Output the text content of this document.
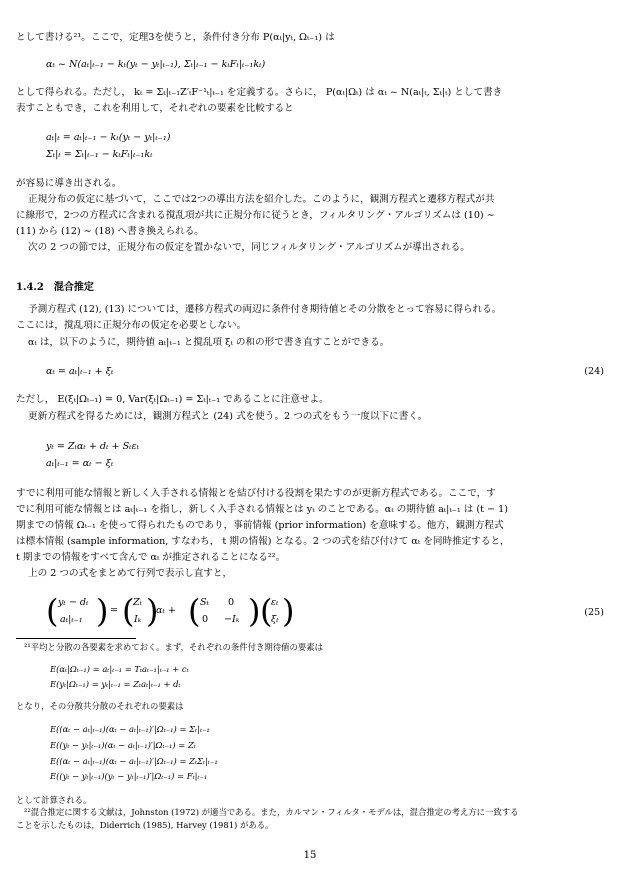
として書ける²¹。ここで，定理3を使うと，条件付き分布 P(αₜ|yₜ, Ωₜ₋₁) は
αₜ ~ N(aₜ|ₜ₋₁ − kₜ(yₜ − yₜ|ₜ₋₁), Σₜ|ₜ₋₁ − kₜFₜ|ₜ₋₁kₜ)
として得られる。ただし， kₜ = Σₜ|ₜ₋₁Z′ₜF⁻¹ₜ|ₜ₋₁ を定義する。さらに， P(αₜ|Ωₜ) は αₜ ~ N(aₜ|ₜ, Σₜ|ₜ) として書き
表すこともでき，これを利用して，それぞれの要素を比較すると
aₜ|ₜ = aₜ|ₜ₋₁ − kₜ(yₜ − yₜ|ₜ₋₁)
Σₜ|ₜ = Σₜ|ₜ₋₁ − kₜFₜ|ₜ₋₁kₜ
が容易に導き出される。
正規分布の仮定に基づいて，ここでは2つの導出方法を紹介した。このように，観測方程式と遷移方程式が共
に線形で，2つの方程式に含まれる撹乱項が共に正規分布に従うとき，フィルタリング・アルゴリズムは (10) ∼
(11) から (12) ∼ (18) へ書き換えられる。
次の 2 つの節では，正規分布の仮定を置かないで，同じフィルタリング・アルゴリズムが導出される。
1.4.2　混合推定
予測方程式 (12), (13) については，遷移方程式の両辺に条件付き期待値とその分散をとって容易に得られる。
ここには，撹乱項に正規分布の仮定を必要としない。
αₜ は，以下のように，期待値 aₜ|ₜ₋₁ と撹乱項 ξₜ の和の形で書き直すことができる。
αₜ = aₜ|ₜ₋₁ + ξₜ	(24)
ただし， E(ξₜ|Ωₜ₋₁) = 0, Var(ξₜ|Ωₜ₋₁) = Σₜ|ₜ₋₁ であることに注意せよ。
更新方程式を得るためには，観測方程式と (24) 式を使う。2 つの式をもう一度以下に書く。
yₜ = Zₜαₜ + dₜ + Sₜεₜ
aₜ|ₜ₋₁ = αₜ − ξₜ
すでに利用可能な情報と新しく入手される情報とを結び付ける役割を果たすのが更新方程式である。ここで，す
でに利用可能な情報とは aₜ|ₜ₋₁ を指し，新しく入手される情報とは yₜ のことである。αₜ の期待値 aₜ|ₜ₋₁ は (t − 1)
期までの情報 Ωₜ₋₁ を使って得られたものであり，事前情報 (prior information) を意味する。他方，観測方程式
は標本情報 (sample information, すなわち， t 期の情報) となる。2 つの式を結び付けて αₜ を同時推定すると，
t 期までの情報をすべて含んで αₜ が推定されることになる²²。
上の 2 つの式をまとめて行列で表示し直すと，
( yₜ − dₜ
aₜ|ₜ₋₁ ) = (
Zₜ
Iₖ )
αₜ + ( Sₜ 0
0 −Iₖ ) (
εₜ
ξₜ )	(25)
²¹平均と分散の各要素を求めておく。まず，それぞれの条件付き期待値の要素は
E(αₜ|Ωₜ₋₁) = aₜ|ₜ₋₁ = Tₜaₜ₋₁|ₜ₋₁ + cₜ
E(yₜ|Ωₜ₋₁) = yₜ|ₜ₋₁ = Zₜaₜ|ₜ₋₁ + dₜ
となり，その分散共分散のそれぞれの要素は
E((αₜ − aₜ|ₜ₋₁)(αₜ − aₜ|ₜ₋₁)′|Ωₜ₋₁) = Σₜ|ₜ₋₁
E((yₜ − yₜ|ₜ₋₁)(αₜ − aₜ|ₜ₋₁)′|Ωₜ₋₁) = Zₜ
E((αₜ − aₜ|ₜ₋₁)(αₜ − aₜ|ₜ₋₁)′|Ωₜ₋₁) = ZₜΣₜ|ₜ₋₁
E((yₜ − yₜ|ₜ₋₁)(yₜ − yₜ|ₜ₋₁)′|Ωₜ₋₁) = Fₜ|ₜ₋₁
として計算される。
²²混合推定に関する文献は，Johnston (1972) が適当である。また，カルマン・フィルタ・モデルは，混合推定の考え方に一致する
ことを示したものは，Diderrich (1985), Harvey (1981) がある。
15
